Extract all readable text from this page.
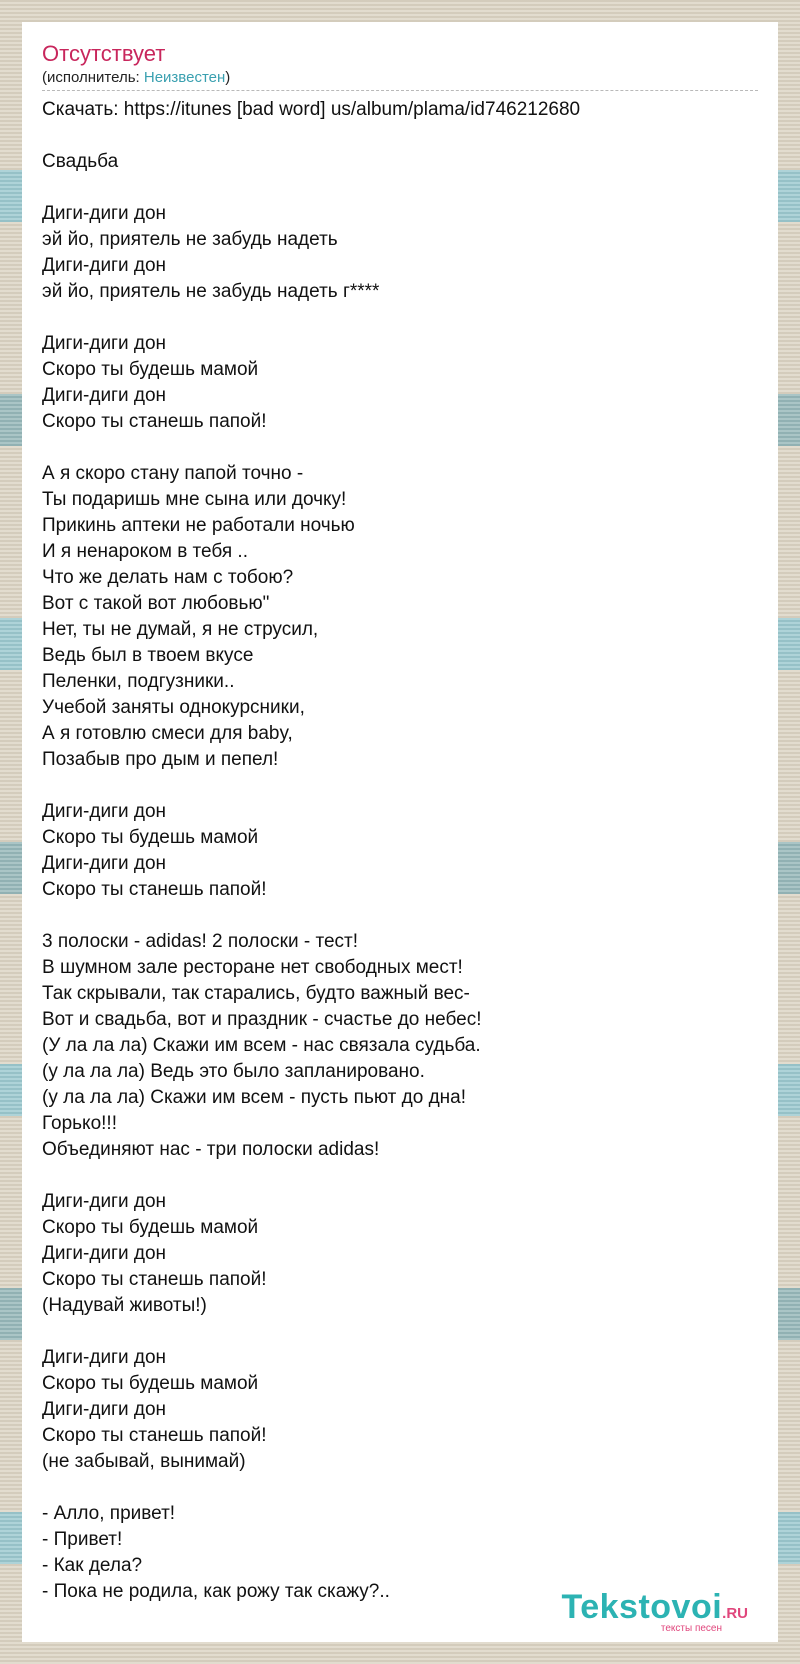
Отсутствует
(исполнитель: Неизвестен)
Скачать: https://itunes [bad word] us/album/plama/id746212680

Свадьба

Диги-диги дон
эй йо, приятель не забудь надеть
Диги-диги дон
эй йо, приятель не забудь надеть г****

Диги-диги дон
Скоро ты будешь мамой
Диги-диги дон
Скоро ты станешь папой!

А я скоро стану папой точно -
Ты подаришь мне сына или дочку!
Прикинь аптеки не работали ночью
И я ненароком в тебя ..
Что же делать нам с тобою?
Вот с такой вот любовью"
Нет, ты не думай, я не струсил,
Ведь был в твоем вкусе
Пеленки, подгузники..
Учебой заняты однокурсники,
А я готовлю смеси для baby,
Позабыв про дым и пепел!

Диги-диги дон
Скоро ты будешь мамой
Диги-диги дон
Скоро ты станешь папой!

3 полоски - adidas! 2 полоски - тест!
В шумном зале ресторане нет свободных мест!
Так скрывали, так старались, будто важный вес-
Вот и свадьба, вот и праздник - счастье до небес!
(У ла ла ла) Скажи им всем - нас связала судьба.
(у ла ла ла) Ведь это было запланировано.
(у ла ла ла) Скажи им всем - пусть пьют до дна!
Горько!!!
Объединяют нас - три полоски adidas!

Диги-диги дон
Скоро ты будешь мамой
Диги-диги дон
Скоро ты станешь папой!
(Надувай животы!)

Диги-диги дон
Скоро ты будешь мамой
Диги-диги дон
Скоро ты станешь папой!
(не забывай, вынимай)

- Алло, привет!
- Привет!
- Как дела?
- Пока не родила, как рожу так скажу?..	Tekstovoi.RU
тексты песен
